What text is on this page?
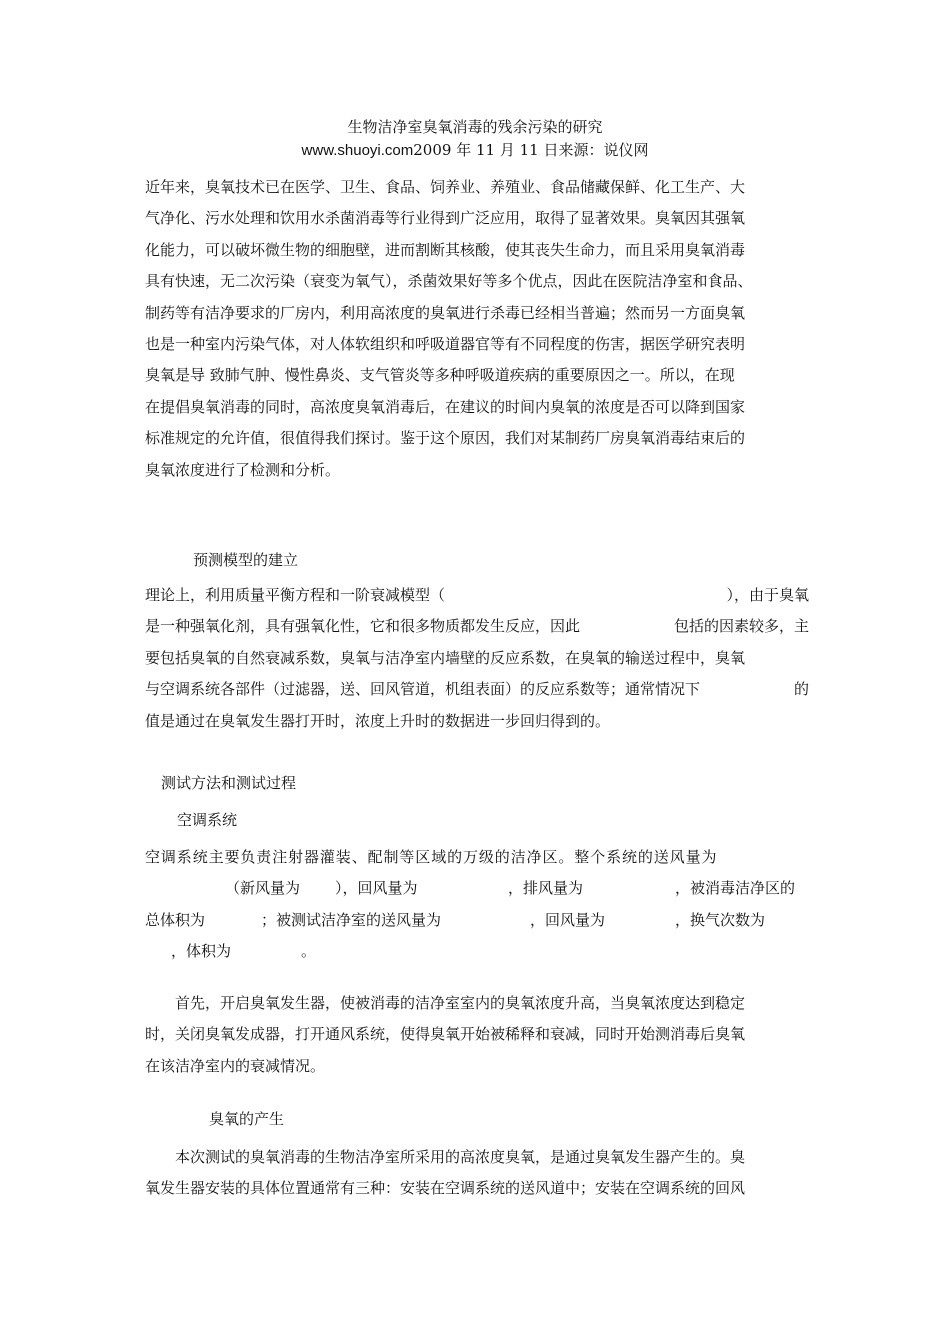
生物洁净室臭氧消毒的残余污染的研究
www.shuoyi.com2009 年 11 月 11 日来源：说仪网
近年来，臭氧技术已在医学、卫生、食品、饲养业、养殖业、食品储藏保鲜、化工生产、大
气净化、污水处理和饮用水杀菌消毒等行业得到广泛应用，取得了显著效果。臭氧因其强氧
化能力，可以破坏微生物的细胞壁，进而割断其核酸，使其丧失生命力，而且采用臭氧消毒
具有快速，无二次污染（衰变为氧气），杀菌效果好等多个优点，因此在医院洁净室和食品、
制药等有洁净要求的厂房内，利用高浓度的臭氧进行杀毒已经相当普遍；然而另一方面臭氧
也是一种室内污染气体，对人体软组织和呼吸道器官等有不同程度的伤害，据医学研究表明
臭氧是导 致肺气肿、慢性鼻炎、支气管炎等多种呼吸道疾病的重要原因之一。所以，在现
在提倡臭氧消毒的同时，高浓度臭氧消毒后，在建议的时间内臭氧的浓度是否可以降到国家
标准规定的允许值，很值得我们探讨。鉴于这个原因，我们对某制药厂房臭氧消毒结束后的
臭氧浓度进行了检测和分析。
预测模型的建立
理论上，利用质量平衡方程和一阶衰减模型（	），由于臭氧
是一种强氧化剂，具有强氧化性，它和很多物质都发生反应，因此	包括的因素较多，主
要包括臭氧的自然衰减系数，臭氧与洁净室内墙壁的反应系数，在臭氧的输送过程中，臭氧
与空调系统各部件（过滤器，送、回风管道，机组表面）的反应系数等；通常情况下	的
值是通过在臭氧发生器打开时，浓度上升时的数据进一步回归得到的。
测试方法和测试过程
空调系统
空调系统主要负责注射器灌装、配制等区域的万级的洁净区。整个系统的送风量为
（新风量为 ），回风量为	，排风量为	，被消毒洁净区的
总体积为	；被测试洁净室的送风量为	，回风量为	，换气次数为
，体积为	。
首先，开启臭氧发生器，使被消毒的洁净室室内的臭氧浓度升高，当臭氧浓度达到稳定
时，关闭臭氧发成器，打开通风系统，使得臭氧开始被稀释和衰减，同时开始测消毒后臭氧
在该洁净室内的衰减情况。
臭氧的产生
本次测试的臭氧消毒的生物洁净室所采用的高浓度臭氧，是通过臭氧发生器产生的。臭
氧发生器安装的具体位置通常有三种：安装在空调系统的送风道中；安装在空调系统的回风
